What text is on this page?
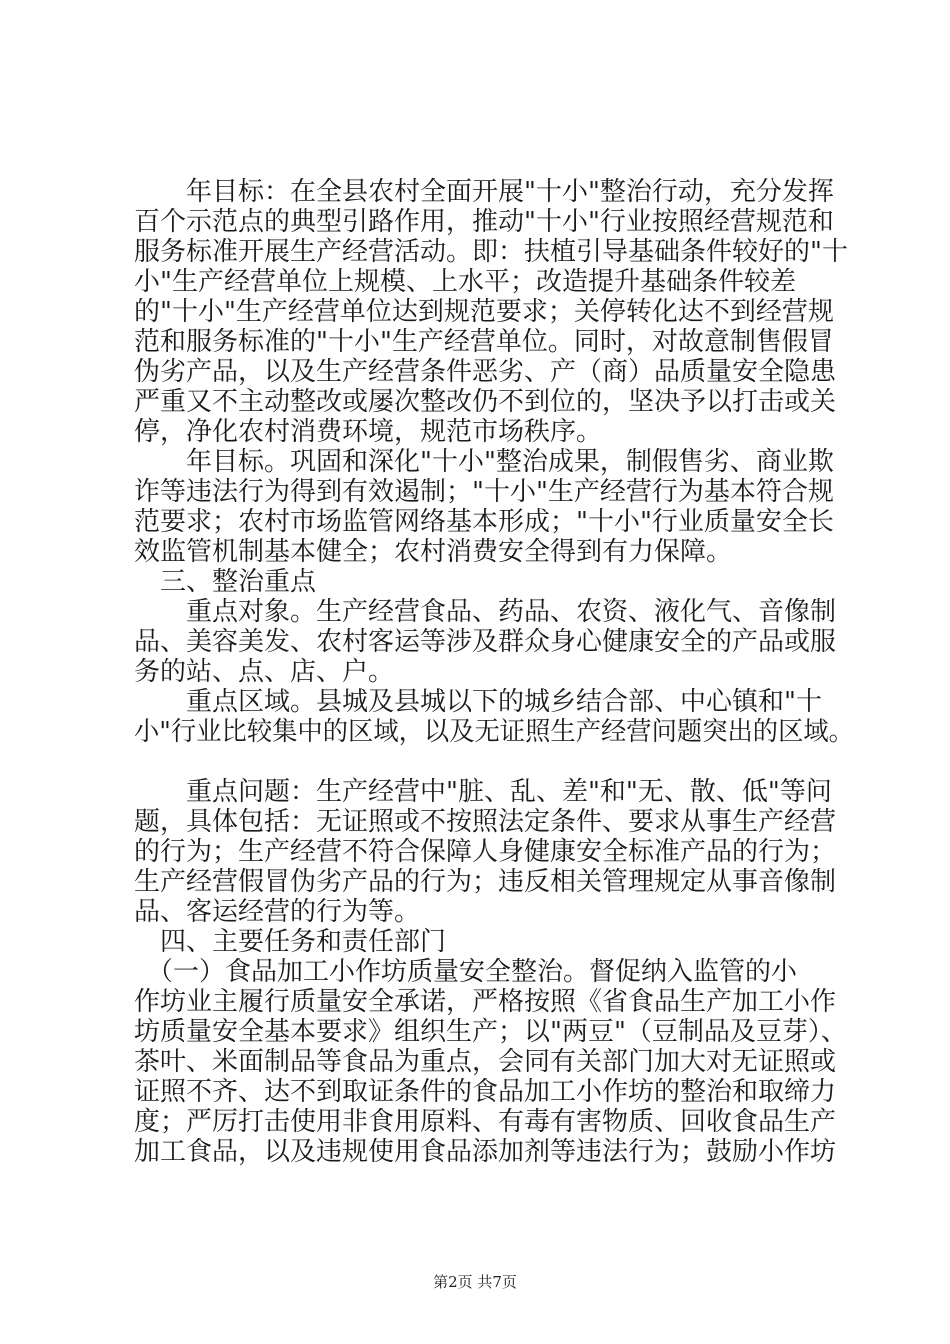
　　年目标：在全县农村全面开展"十小"整治行动，充分发挥
百个示范点的典型引路作用，推动"十小"行业按照经营规范和
服务标准开展生产经营活动。即：扶植引导基础条件较好的"十
小"生产经营单位上规模、上水平；改造提升基础条件较差
的"十小"生产经营单位达到规范要求；关停转化达不到经营规
范和服务标准的"十小"生产经营单位。同时，对故意制售假冒
伪劣产品，以及生产经营条件恶劣、产（商）品质量安全隐患
严重又不主动整改或屡次整改仍不到位的，坚决予以打击或关
停，净化农村消费环境，规范市场秩序。
　　年目标。巩固和深化"十小"整治成果，制假售劣、商业欺
诈等违法行为得到有效遏制；"十小"生产经营行为基本符合规
范要求；农村市场监管网络基本形成；"十小"行业质量安全长
效监管机制基本健全；农村消费安全得到有力保障。
　三、整治重点
　　重点对象。生产经营食品、药品、农资、液化气、音像制
品、美容美发、农村客运等涉及群众身心健康安全的产品或服
务的站、点、店、户。
　　重点区域。县城及县城以下的城乡结合部、中心镇和"十
小"行业比较集中的区域，以及无证照生产经营问题突出的区域。
　　重点问题：生产经营中"脏、乱、差"和"无、散、低"等问
题，具体包括：无证照或不按照法定条件、要求从事生产经营
的行为；生产经营不符合保障人身健康安全标准产品的行为；
生产经营假冒伪劣产品的行为；违反相关管理规定从事音像制
品、客运经营的行为等。
　四、主要任务和责任部门
　（一）食品加工小作坊质量安全整治。督促纳入监管的小
作坊业主履行质量安全承诺，严格按照《省食品生产加工小作
坊质量安全基本要求》组织生产；以"两豆"（豆制品及豆芽）、
茶叶、米面制品等食品为重点，会同有关部门加大对无证照或
证照不齐、达不到取证条件的食品加工小作坊的整治和取缔力
度；严厉打击使用非食用原料、有毒有害物质、回收食品生产
加工食品，以及违规使用食品添加剂等违法行为；鼓励小作坊
第2页 共7页
